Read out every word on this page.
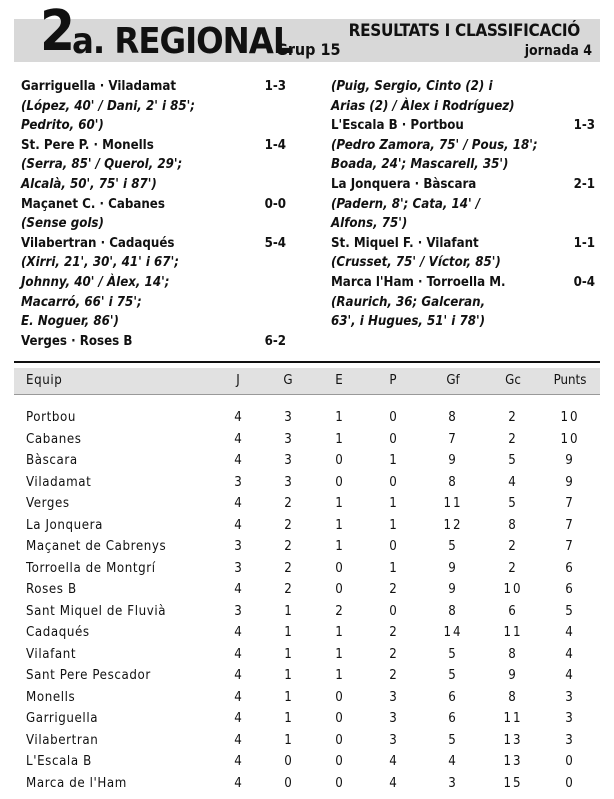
2
a. REGIONAL
Grup 15
RESULTATS I CLASSIFICACIÓ
jornada 4
Garriguella · Viladamat	1-3
(López, 40' / Dani, 2' i 85';
Pedrito, 60')
St. Pere P. · Monells	1-4
(Serra, 85' / Querol, 29';
Alcalà, 50', 75' i 87')
Maçanet C. · Cabanes	0-0
(Sense gols)
Vilabertran · Cadaqués	5-4
(Xirri, 21', 30', 41' i 67';
Johnny, 40' / Àlex, 14';
Macarró, 66' i 75';
E. Noguer, 86')
Verges · Roses B	6-2
(Puig, Sergio, Cinto (2) i
Arias (2) / Àlex i Rodríguez)
L'Escala B · Portbou	1-3
(Pedro Zamora, 75' / Pous, 18';
Boada, 24'; Mascarell, 35')
La Jonquera · Bàscara	2-1
(Padern, 8'; Cata, 14' /
Alfons, 75')
St. Miquel F. · Vilafant	1-1
(Crusset, 75' / Víctor, 85')
Marca l'Ham · Torroella M.	0-4
(Raurich, 36; Galceran,
63', i Hugues, 51' i 78')
Equip	J	G	E	P	Gf	Gc	Punts
Portbou	4	3	1	0	8	2	10
Cabanes	4	3	1	0	7	2	10
Bàscara	4	3	0	1	9	5	9
Viladamat	3	3	0	0	8	4	9
Verges	4	2	1	1	11	5	7
La Jonquera	4	2	1	1	12	8	7
Maçanet de Cabrenys	3	2	1	0	5	2	7
Torroella de Montgrí	3	2	0	1	9	2	6
Roses B	4	2	0	2	9	10	6
Sant Miquel de Fluvià	3	1	2	0	8	6	5
Cadaqués	4	1	1	2	14	11	4
Vilafant	4	1	1	2	5	8	4
Sant Pere Pescador	4	1	1	2	5	9	4
Monells	4	1	0	3	6	8	3
Garriguella	4	1	0	3	6	11	3
Vilabertran	4	1	0	3	5	13	3
L'Escala B	4	0	0	4	4	13	0
Marca de l'Ham	4	0	0	4	3	15	0
